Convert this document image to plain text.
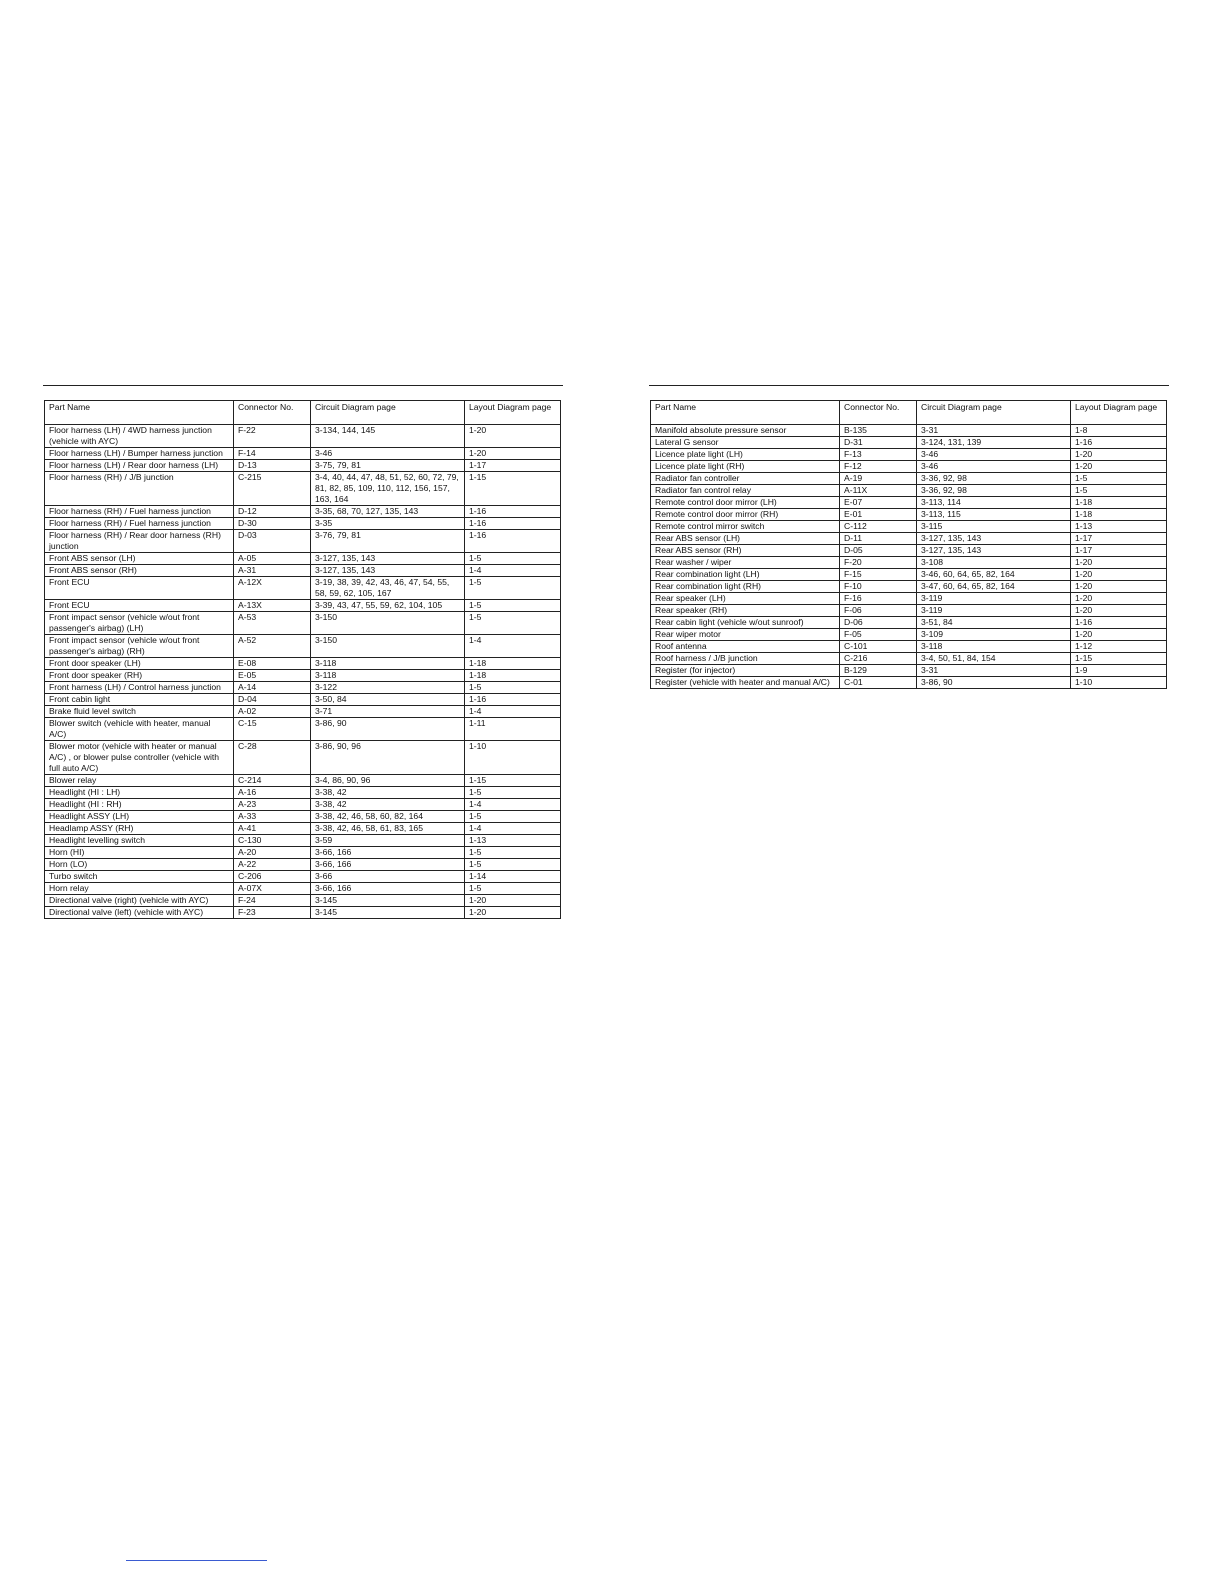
Part Name	Connector No.	Circuit Diagram page	Layout Diagram page
Floor harness (LH) / 4WD harness junction (vehicle with AYC)	F-22	3-134, 144, 145	1-20
Floor harness (LH) / Bumper harness junction	F-14	3-46	1-20
Floor harness (LH) / Rear door harness (LH)	D-13	3-75, 79, 81	1-17
Floor harness (RH) / J/B junction	C-215	3-4, 40, 44, 47, 48, 51, 52, 60, 72, 79, 81, 82, 85, 109, 110, 112, 156, 157, 163, 164	1-15
Floor harness (RH) / Fuel harness junction	D-12	3-35, 68, 70, 127, 135, 143	1-16
Floor harness (RH) / Fuel harness junction	D-30	3-35	1-16
Floor harness (RH) / Rear door harness (RH) junction	D-03	3-76, 79, 81	1-16
Front ABS sensor (LH)	A-05	3-127, 135, 143	1-5
Front ABS sensor (RH)	A-31	3-127, 135, 143	1-4
Front ECU	A-12X	3-19, 38, 39, 42, 43, 46, 47, 54, 55, 58, 59, 62, 105, 167	1-5
Front ECU	A-13X	3-39, 43, 47, 55, 59, 62, 104, 105	1-5
Front impact sensor (vehicle w/out front passenger's airbag) (LH)	A-53	3-150	1-5
Front impact sensor (vehicle w/out front passenger's airbag) (RH)	A-52	3-150	1-4
Front door speaker (LH)	E-08	3-118	1-18
Front door speaker (RH)	E-05	3-118	1-18
Front harness (LH) / Control harness junction	A-14	3-122	1-5
Front cabin light	D-04	3-50, 84	1-16
Brake fluid level switch	A-02	3-71	1-4
Blower switch (vehicle with heater, manual A/C)	C-15	3-86, 90	1-11
Blower motor (vehicle with heater or manual A/C) , or blower pulse controller (vehicle with full auto A/C)	C-28	3-86, 90, 96	1-10
Blower relay	C-214	3-4, 86, 90, 96	1-15
Headlight (HI : LH)	A-16	3-38, 42	1-5
Headlight (HI : RH)	A-23	3-38, 42	1-4
Headlight ASSY (LH)	A-33	3-38, 42, 46, 58, 60, 82, 164	1-5
Headlamp ASSY (RH)	A-41	3-38, 42, 46, 58, 61, 83, 165	1-4
Headlight levelling switch	C-130	3-59	1-13
Horn (HI)	A-20	3-66, 166	1-5
Horn (LO)	A-22	3-66, 166	1-5
Turbo switch	C-206	3-66	1-14
Horn relay	A-07X	3-66, 166	1-5
Directional valve (right) (vehicle with AYC)	F-24	3-145	1-20
Directional valve (left) (vehicle with AYC)	F-23	3-145	1-20
Part Name	Connector No.	Circuit Diagram page	Layout Diagram page
Manifold absolute pressure sensor	B-135	3-31	1-8
Lateral G sensor	D-31	3-124, 131, 139	1-16
Licence plate light (LH)	F-13	3-46	1-20
Licence plate light (RH)	F-12	3-46	1-20
Radiator fan controller	A-19	3-36, 92, 98	1-5
Radiator fan control relay	A-11X	3-36, 92, 98	1-5
Remote control door mirror (LH)	E-07	3-113, 114	1-18
Remote control door mirror (RH)	E-01	3-113, 115	1-18
Remote control mirror switch	C-112	3-115	1-13
Rear ABS sensor (LH)	D-11	3-127, 135, 143	1-17
Rear ABS sensor (RH)	D-05	3-127, 135, 143	1-17
Rear washer / wiper	F-20	3-108	1-20
Rear combination light (LH)	F-15	3-46, 60, 64, 65, 82, 164	1-20
Rear combination light (RH)	F-10	3-47, 60, 64, 65, 82, 164	1-20
Rear speaker (LH)	F-16	3-119	1-20
Rear speaker (RH)	F-06	3-119	1-20
Rear cabin light (vehicle w/out sunroof)	D-06	3-51, 84	1-16
Rear wiper motor	F-05	3-109	1-20
Roof antenna	C-101	3-118	1-12
Roof harness / J/B junction	C-216	3-4, 50, 51, 84, 154	1-15
Register (for injector)	B-129	3-31	1-9
Register (vehicle with heater and manual A/C)	C-01	3-86, 90	1-10
